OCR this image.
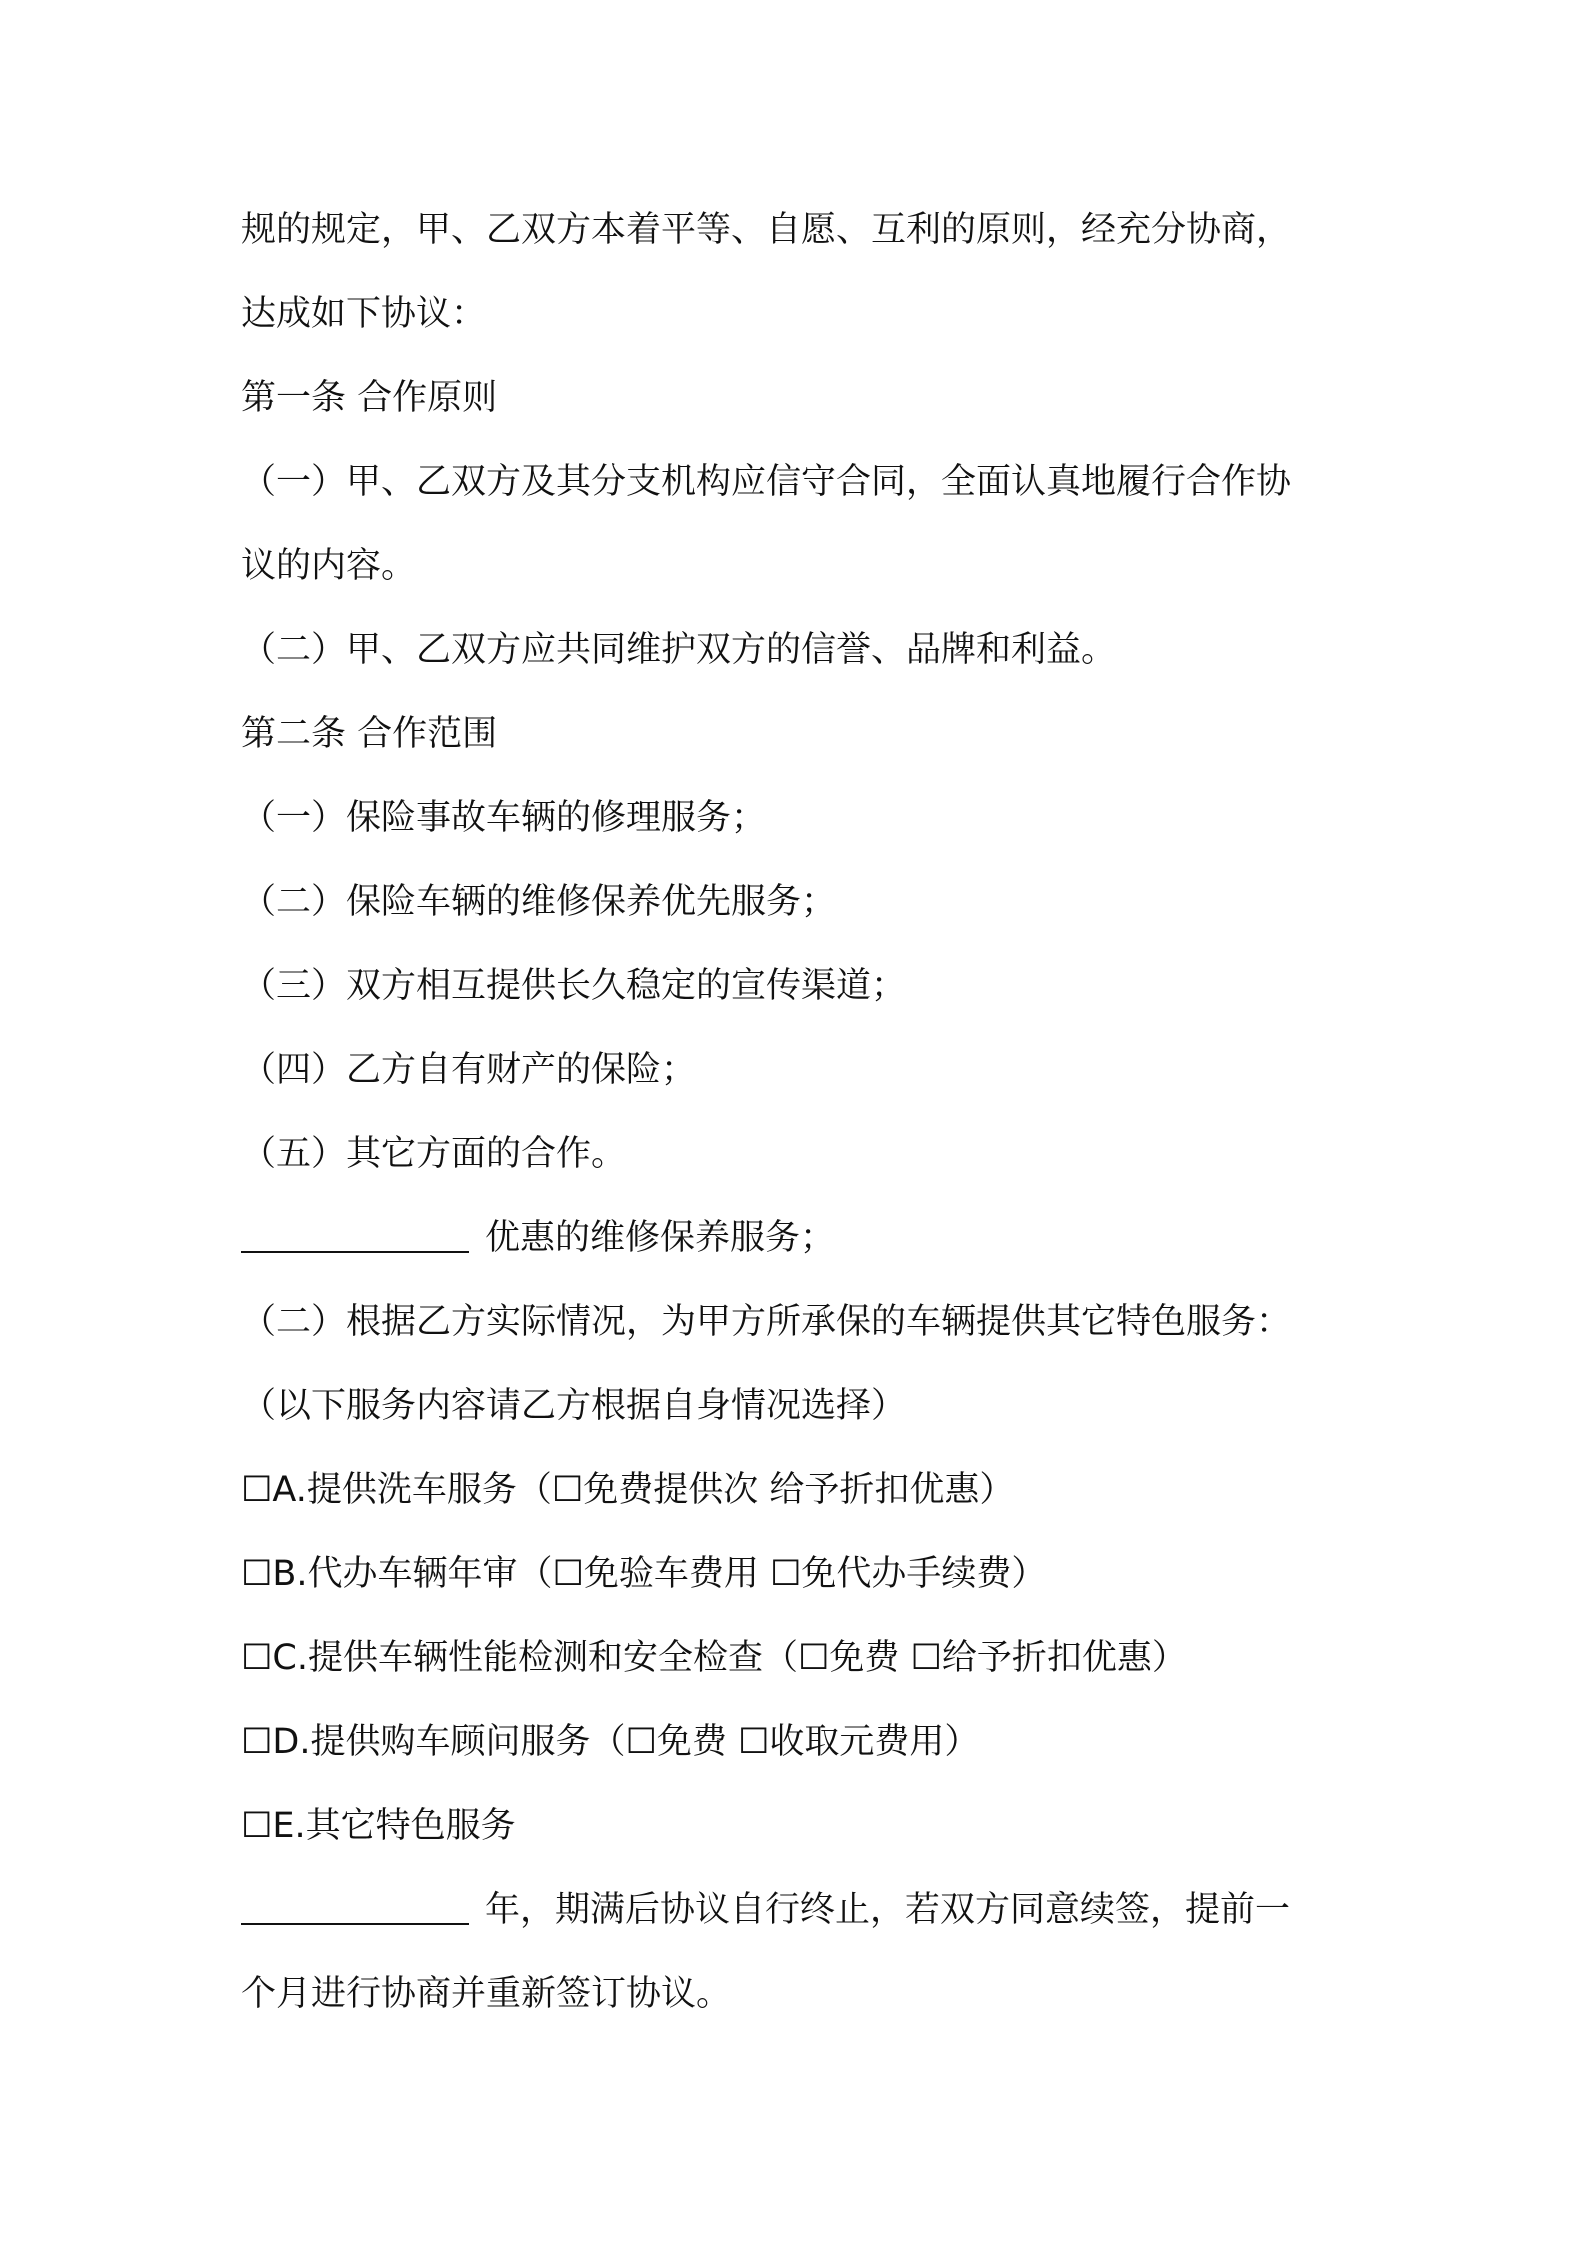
规的规定，甲、乙双方本着平等、自愿、互利的原则，经充分协商，
达成如下协议：
第一条 合作原则
（一）甲、乙双方及其分支机构应信守合同，全面认真地履行合作协
议的内容。
（二）甲、乙双方应共同维护双方的信誉、品牌和利益。
第二条 合作范围
（一）保险事故车辆的修理服务；
（二）保险车辆的维修保养优先服务；
（三）双方相互提供长久稳定的宣传渠道；
（四）乙方自有财产的保险；
（五）其它方面的合作。
优惠的维修保养服务；
（二）根据乙方实际情况，为甲方所承保的车辆提供其它特色服务：
（以下服务内容请乙方根据自身情况选择）
☐A.提供洗车服务（☐免费提供次 给予折扣优惠）
☐B.代办车辆年审（☐免验车费用 ☐免代办手续费）
☐C.提供车辆性能检测和安全检查（☐免费 ☐给予折扣优惠）
☐D.提供购车顾问服务（☐免费 ☐收取元费用）
☐E.其它特色服务
年，期满后协议自行终止，若双方同意续签，提前一
个月进行协商并重新签订协议。
